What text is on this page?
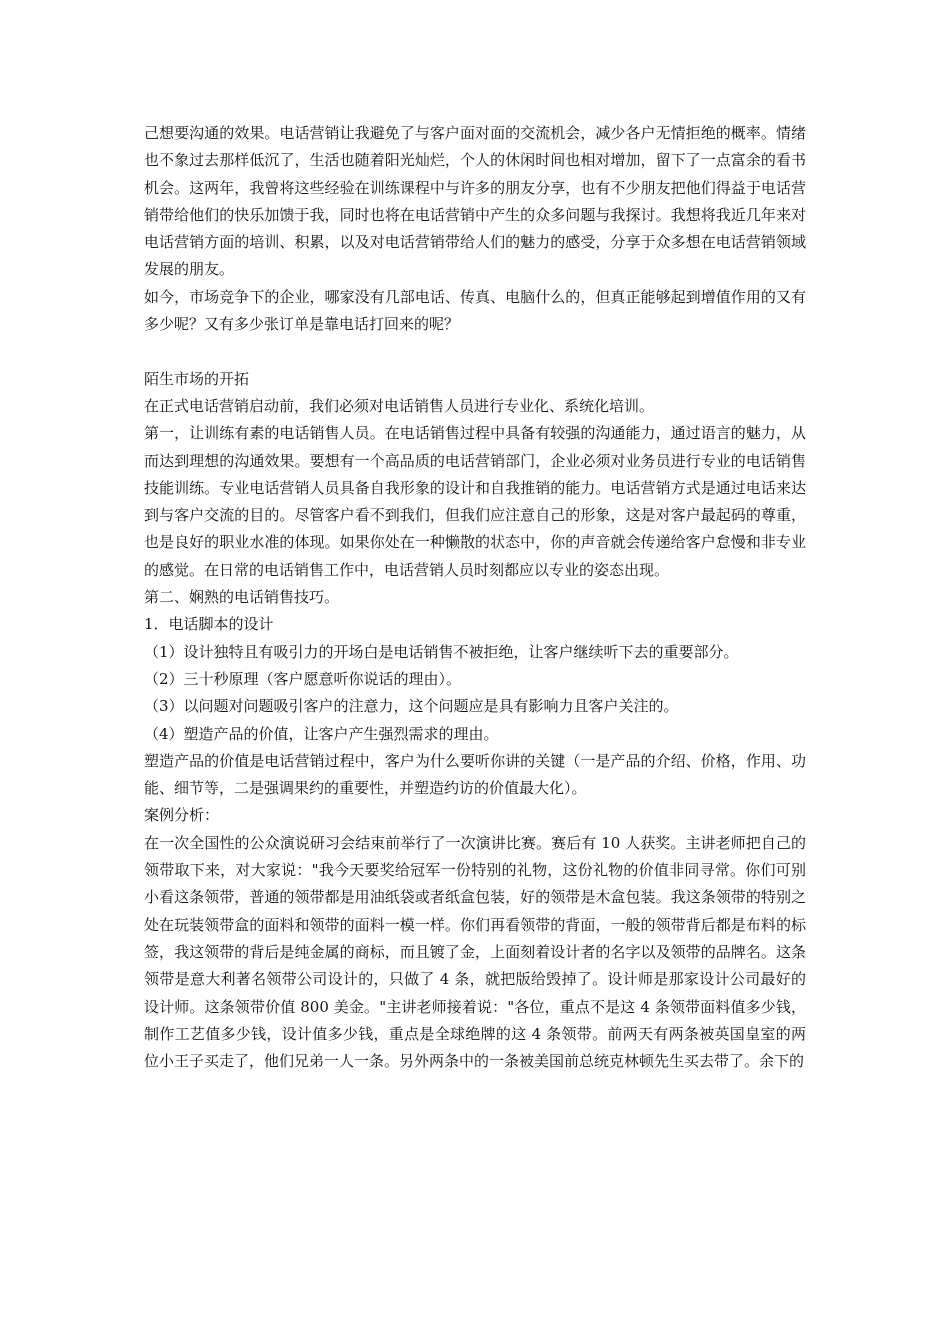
己想要沟通的效果。电话营销让我避免了与客户面对面的交流机会，减少各户无情拒绝的概率。情绪也不象过去那样低沉了，生活也随着阳光灿烂，个人的休闲时间也相对增加，留下了一点富余的看书机会。这两年，我曾将这些经验在训练课程中与许多的朋友分享，也有不少朋友把他们得益于电话营销带给他们的快乐加馈于我，同时也将在电话营销中产生的众多问题与我探讨。我想将我近几年来对电话营销方面的培训、积累，以及对电话营销带给人们的魅力的感受，分享于众多想在电话营销领域发展的朋友。

如今，市场竞争下的企业，哪家没有几部电话、传真、电脑什么的，但真正能够起到增值作用的又有多少呢？又有多少张订单是靠电话打回来的呢？

陌生市场的开拓

在正式电话营销启动前，我们必须对电话销售人员进行专业化、系统化培训。

第一，让训练有素的电话销售人员。在电话销售过程中具备有较强的沟通能力，通过语言的魅力，从而达到理想的沟通效果。要想有一个高品质的电话营销部门，企业必须对业务员进行专业的电话销售技能训练。专业电话营销人员具备自我形象的设计和自我推销的能力。电话营销方式是通过电话来达到与客户交流的目的。尽管客户看不到我们，但我们应注意自己的形象，这是对客户最起码的尊重，也是良好的职业水准的体现。如果你处在一种懒散的状态中，你的声音就会传递给客户怠慢和非专业的感觉。在日常的电话销售工作中，电话营销人员时刻都应以专业的姿态出现。

第二、娴熟的电话销售技巧。

1．电话脚本的设计

（1）设计独特且有吸引力的开场白是电话销售不被拒绝，让客户继续听下去的重要部分。

（2）三十秒原理（客户愿意听你说话的理由）。

（3）以问题对问题吸引客户的注意力，这个问题应是具有影响力且客户关注的。

（4）塑造产品的价值，让客户产生强烈需求的理由。

塑造产品的价值是电话营销过程中，客户为什么要听你讲的关键（一是产品的介绍、价格，作用、功能、细节等，二是强调果约的重要性，并塑造约访的价值最大化）。

案例分析：

在一次全国性的公众演说研习会结束前举行了一次演讲比赛。赛后有 10 人获奖。主讲老师把自己的领带取下来，对大家说："我今天要奖给冠军一份特别的礼物，这份礼物的价值非同寻常。你们可别小看这条领带，普通的领带都是用油纸袋或者纸盒包装，好的领带是木盒包装。我这条领带的特别之处在玩装领带盒的面料和领带的面料一模一样。你们再看领带的背面，一般的领带背后都是布料的标签，我这领带的背后是纯金属的商标，而且镀了金，上面刻着设计者的名字以及领带的品牌名。这条领带是意大利著名领带公司设计的，只做了 4 条，就把版给毁掉了。设计师是那家设计公司最好的设计师。这条领带价值 800 美金。"主讲老师接着说："各位，重点不是这 4 条领带面料值多少钱，制作工艺值多少钱，设计值多少钱，重点是全球绝牌的这 4 条领带。前两天有两条被英国皇室的两位小王子买走了，他们兄弟一人一条。另外两条中的一条被美国前总统克林顿先生买去带了。余下的
